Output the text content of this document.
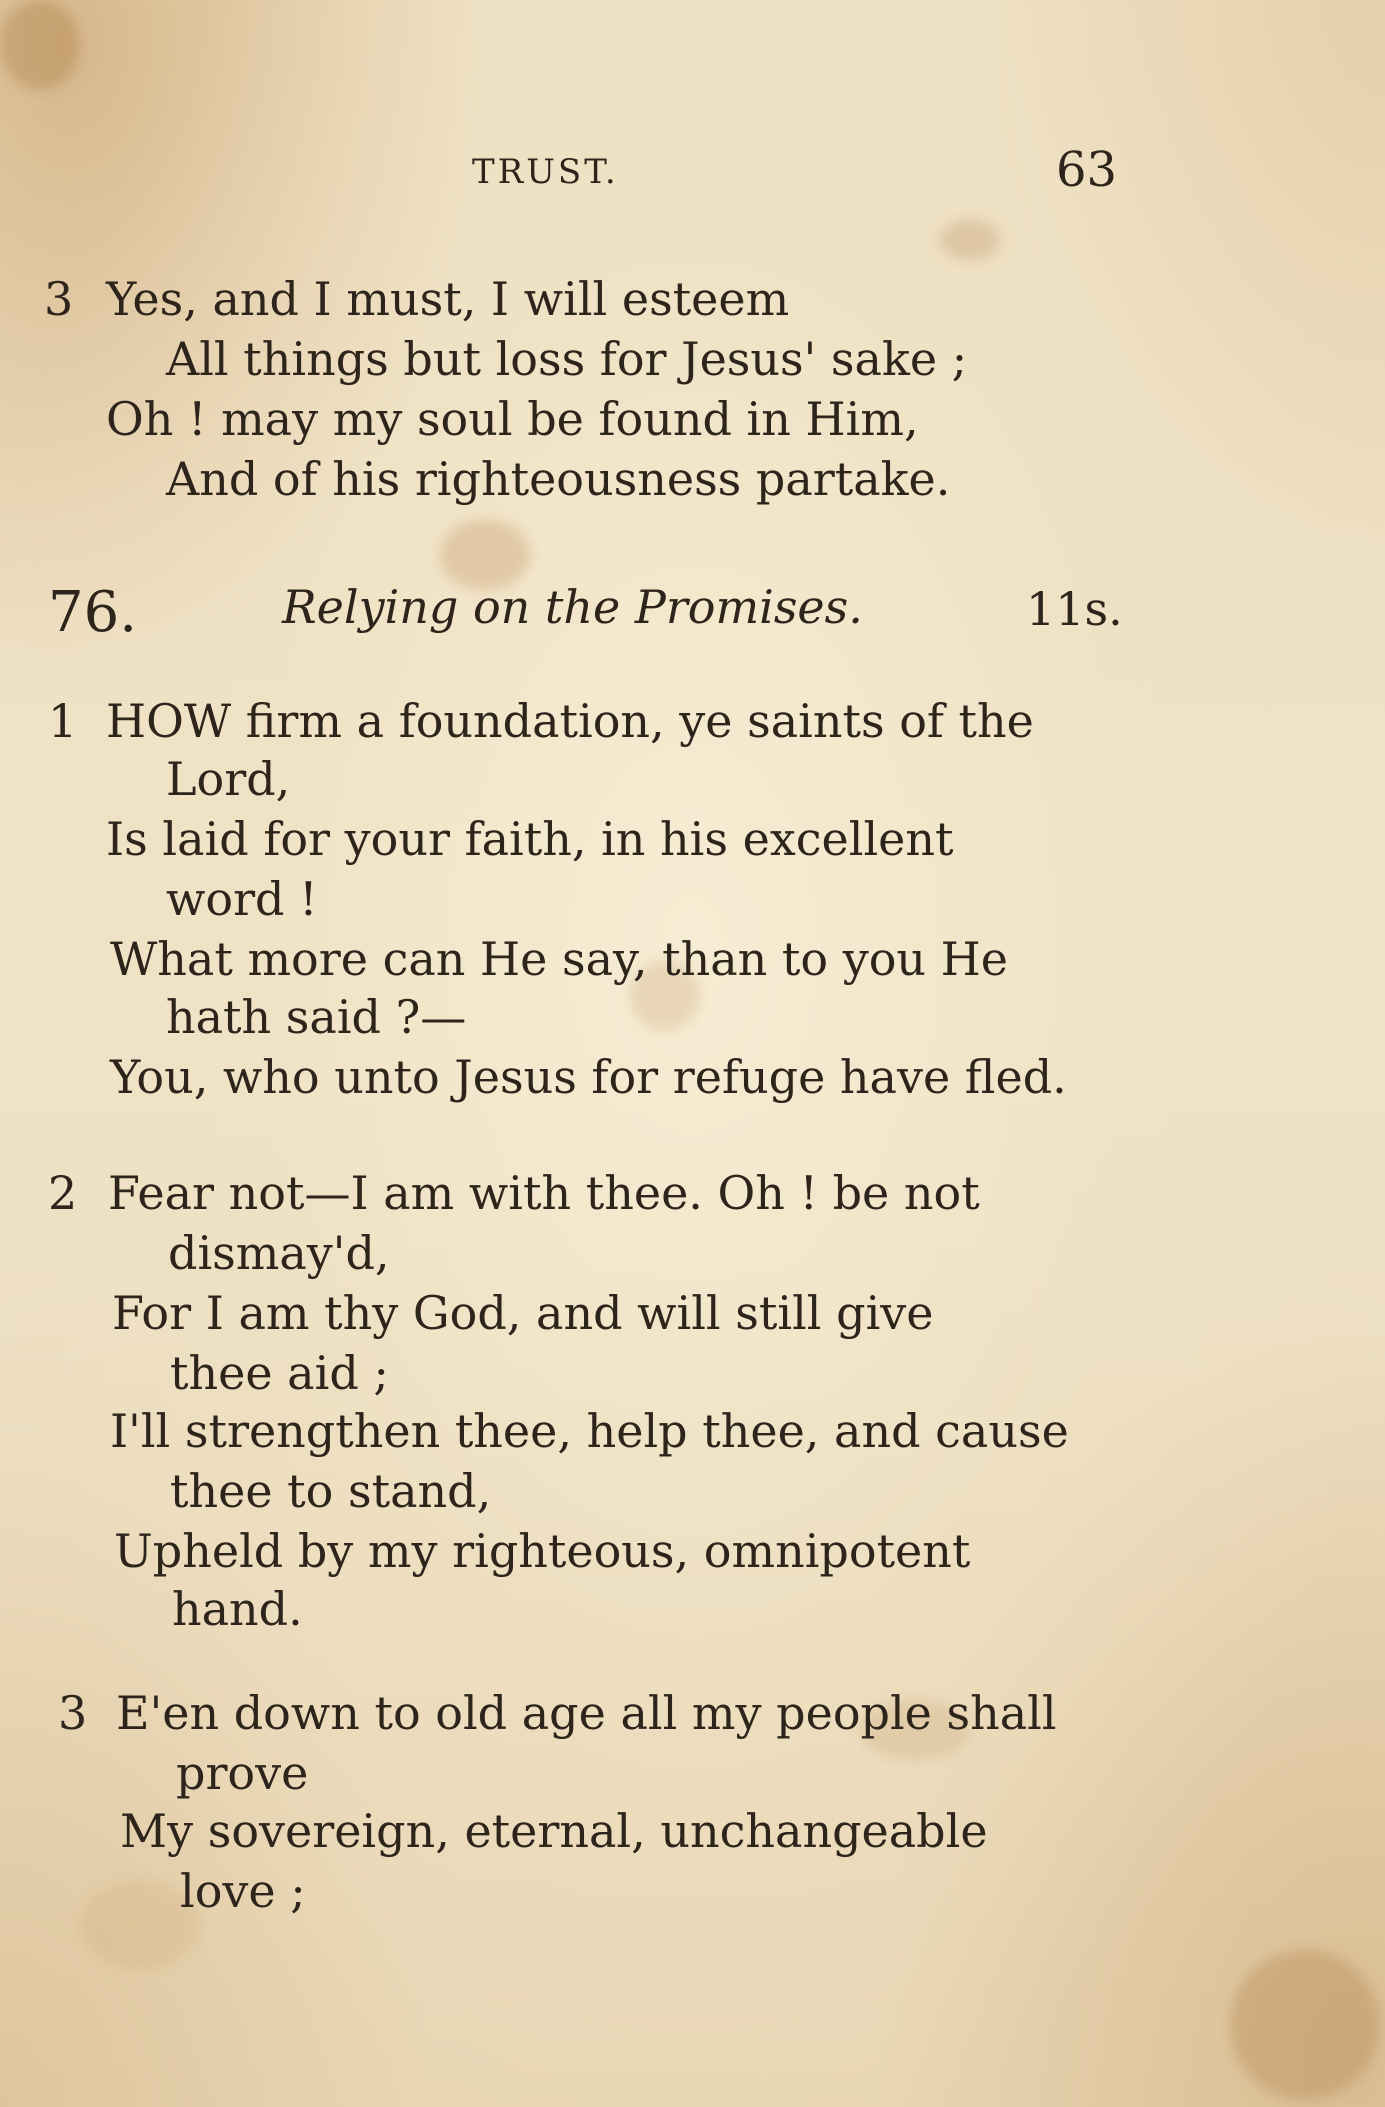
TRUST.	63
3 Yes, and I must, I will esteem
All things but loss for Jesus' sake ;
Oh ! may my soul be found in Him,
And of his righteousness partake.
76.	Relying on the Promises.	11s.
1 HOW firm a foundation, ye saints of the
Lord,
Is laid for your faith, in his excellent
word !
What more can He say, than to you He
hath said ?—
You, who unto Jesus for refuge have fled.
2 Fear not—I am with thee. Oh ! be not
dismay'd,
For I am thy God, and will still give
thee aid ;
I'll strengthen thee, help thee, and cause
thee to stand,
Upheld by my righteous, omnipotent
hand.
3 E'en down to old age all my people shall
prove
My sovereign, eternal, unchangeable
love ;
